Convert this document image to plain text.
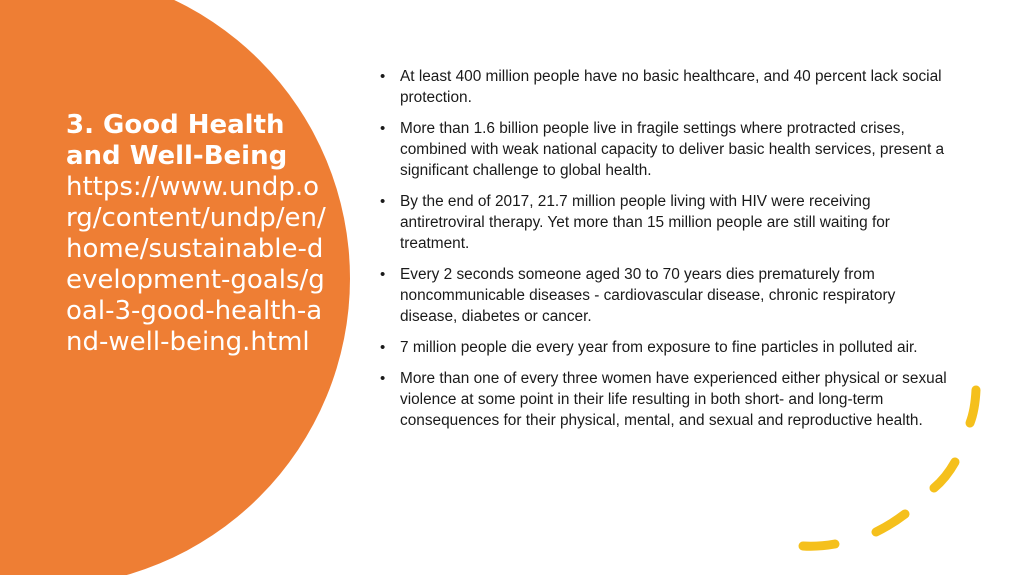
3. Good Health and Well-Being
https://www.undp.org/content/undp/en/home/sustainable-development-goals/goal-3-good-health-and-well-being.html
• At least 400 million people have no basic healthcare, and 40 percent lack social protection.
• More than 1.6 billion people live in fragile settings where protracted crises, combined with weak national capacity to deliver basic health services, present a significant challenge to global health.
• By the end of 2017, 21.7 million people living with HIV were receiving antiretroviral therapy. Yet more than 15 million people are still waiting for treatment.
• Every 2 seconds someone aged 30 to 70 years dies prematurely from noncommunicable diseases - cardiovascular disease, chronic respiratory disease, diabetes or cancer.
• 7 million people die every year from exposure to fine particles in polluted air.
• More than one of every three women have experienced either physical or sexual violence at some point in their life resulting in both short- and long-term consequences for their physical, mental, and sexual and reproductive health.
